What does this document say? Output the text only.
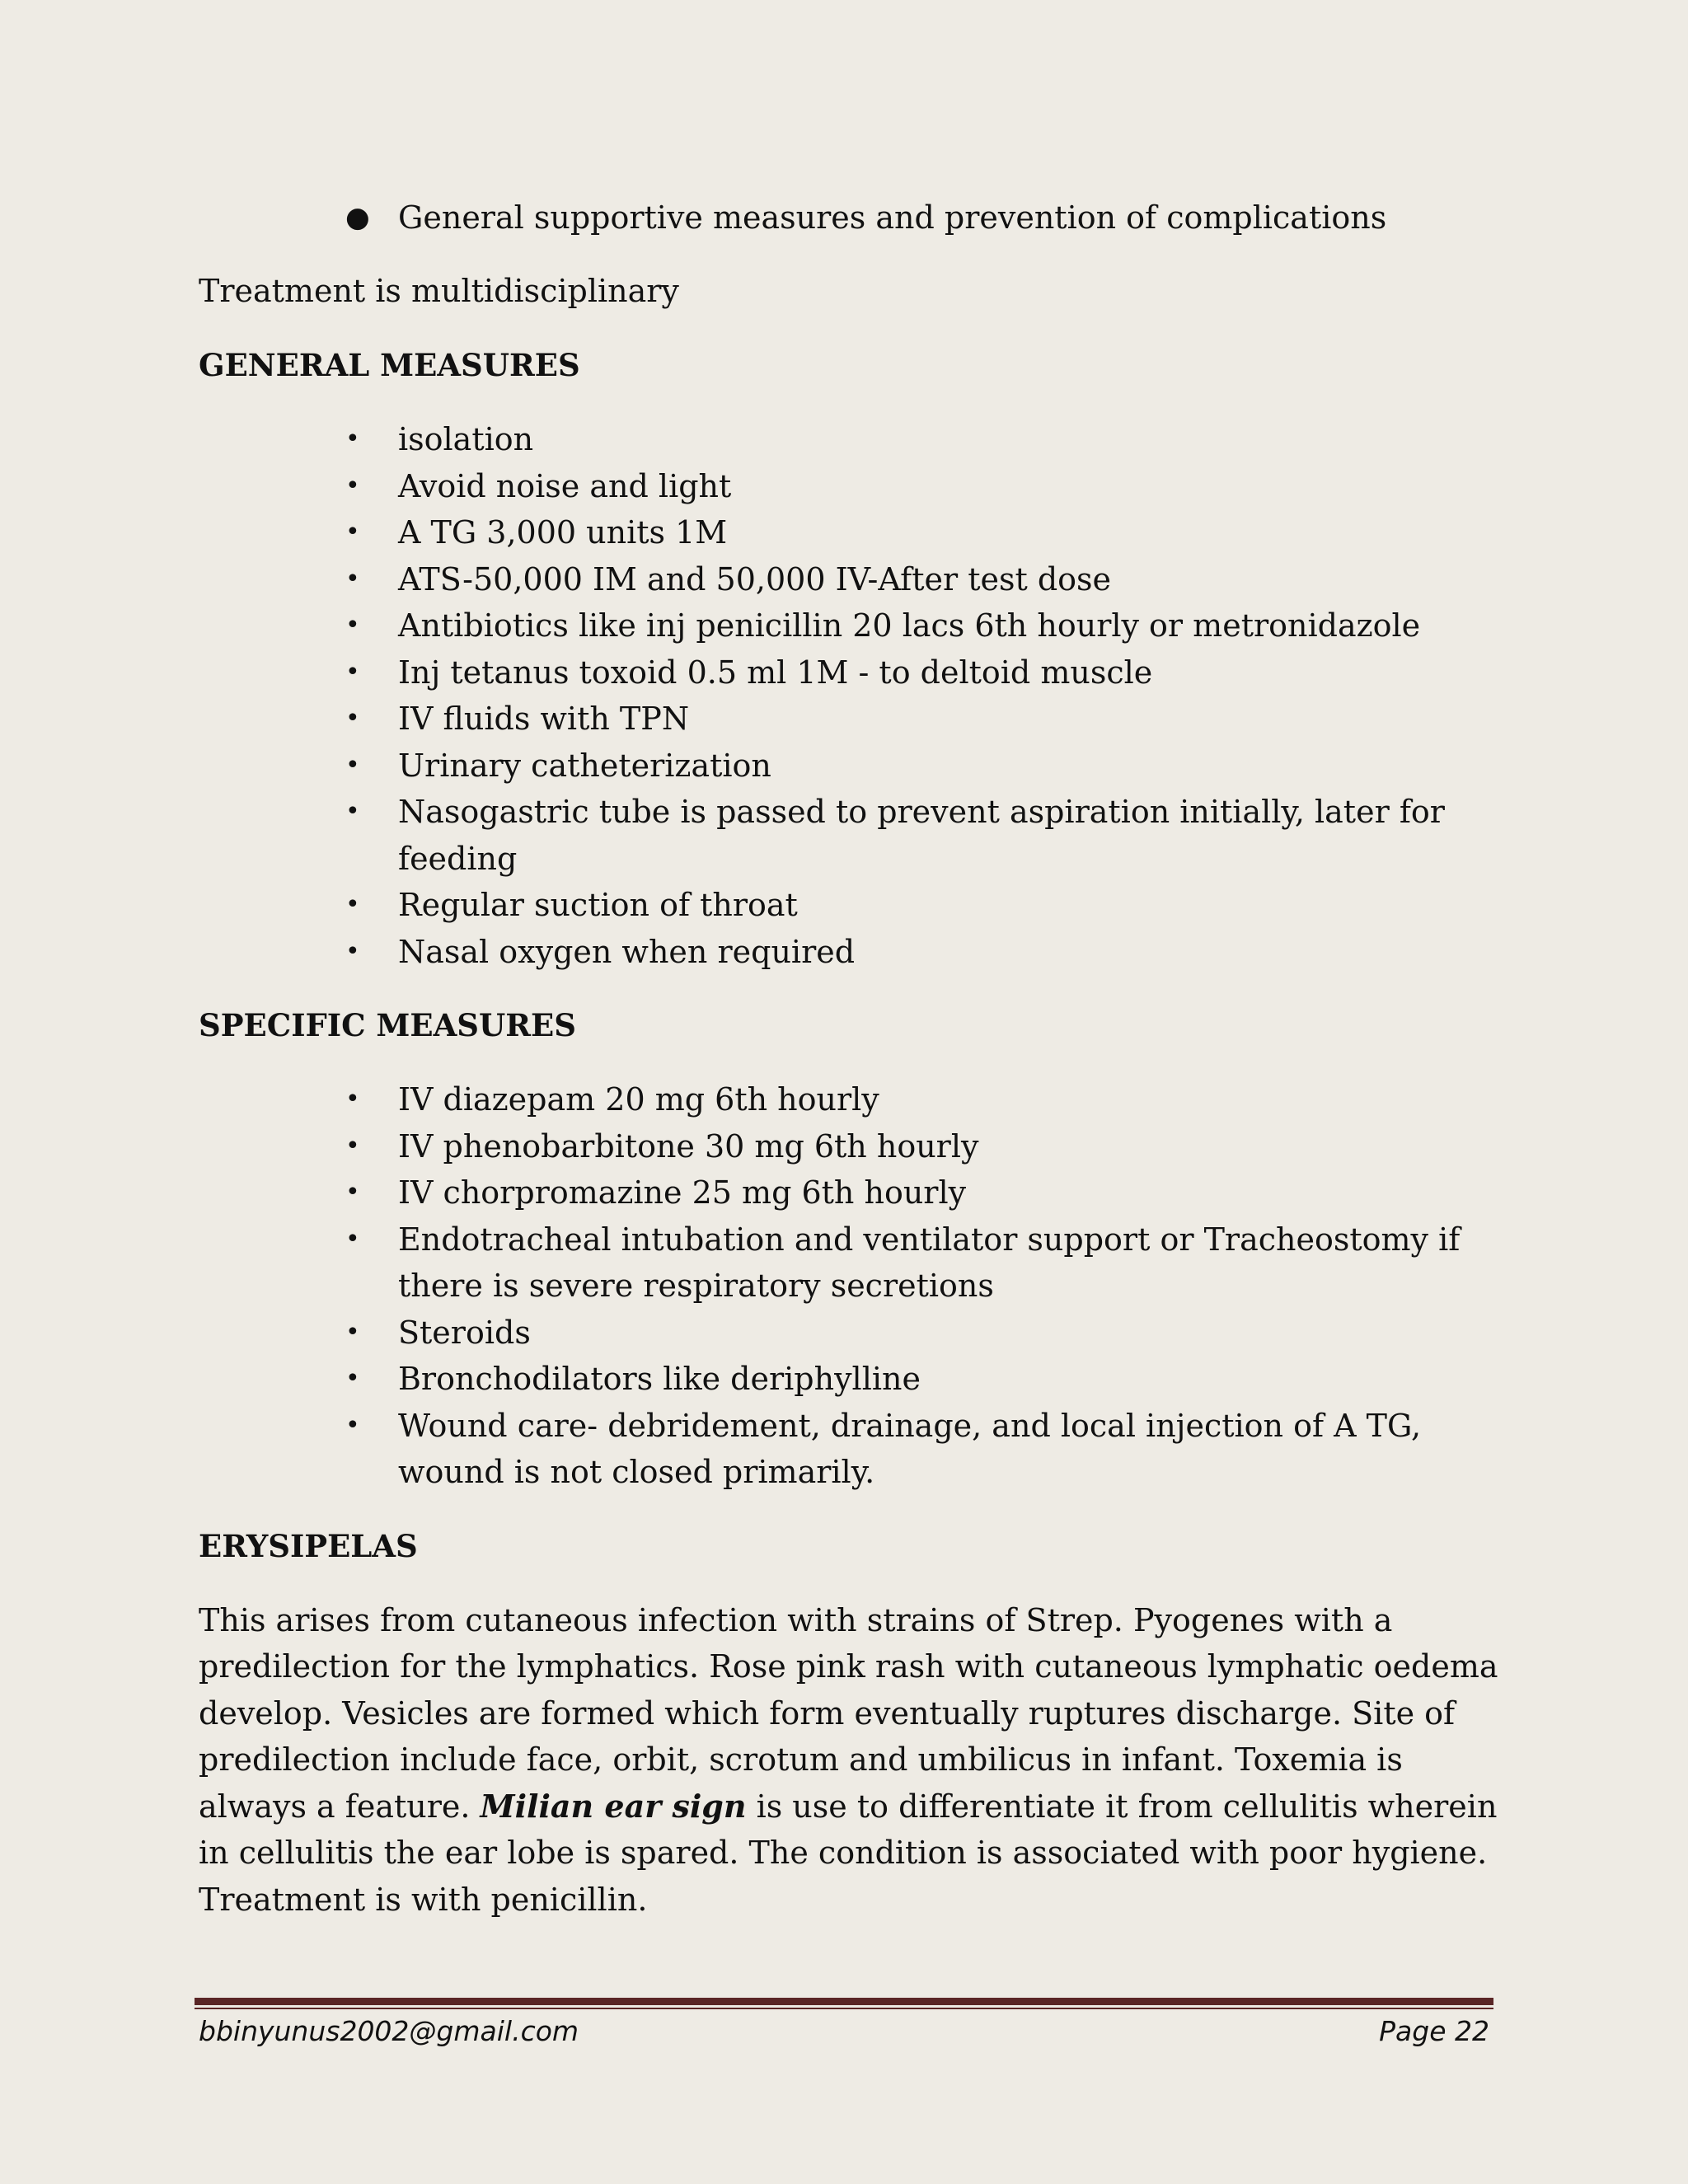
● General supportive measures and prevention of complications

Treatment is multidisciplinary

GENERAL MEASURES
•	isolation
•	Avoid noise and light
•	A TG 3,000 units 1M
•	ATS-50,000 IM and 50,000 IV-After test dose
•	Antibiotics like inj penicillin 20 lacs 6th hourly or metronidazole
•	Inj tetanus toxoid 0.5 ml 1M - to deltoid muscle
•	IV fluids with TPN
•	Urinary catheterization
•	Nasogastric tube is passed to prevent aspiration initially, later for feeding
•	Regular suction of throat
•	Nasal oxygen when required
SPECIFIC MEASURES
•	IV diazepam 20 mg 6th hourly
•	IV phenobarbitone 30 mg 6th hourly
•	IV chorpromazine 25 mg 6th hourly
•	Endotracheal intubation and ventilator support or Tracheostomy if there is severe respiratory secretions
•	Steroids
•	Bronchodilators like deriphylline
•	Wound care- debridement, drainage, and local injection of A TG, wound is not closed primarily.
ERYSIPELAS

This arises from cutaneous infection with strains of Strep. Pyogenes with a predilection for the lymphatics. Rose pink rash with cutaneous lymphatic oedema develop. Vesicles are formed which form eventually ruptures discharge. Site of predilection include face, orbit, scrotum and umbilicus in infant. Toxemia is always a feature. Milian ear sign is use to differentiate it from cellulitis wherein in cellulitis the ear lobe is spared. The condition is associated with poor hygiene. Treatment is with penicillin.

bbinyunus2002@gmail.com	Page 22
